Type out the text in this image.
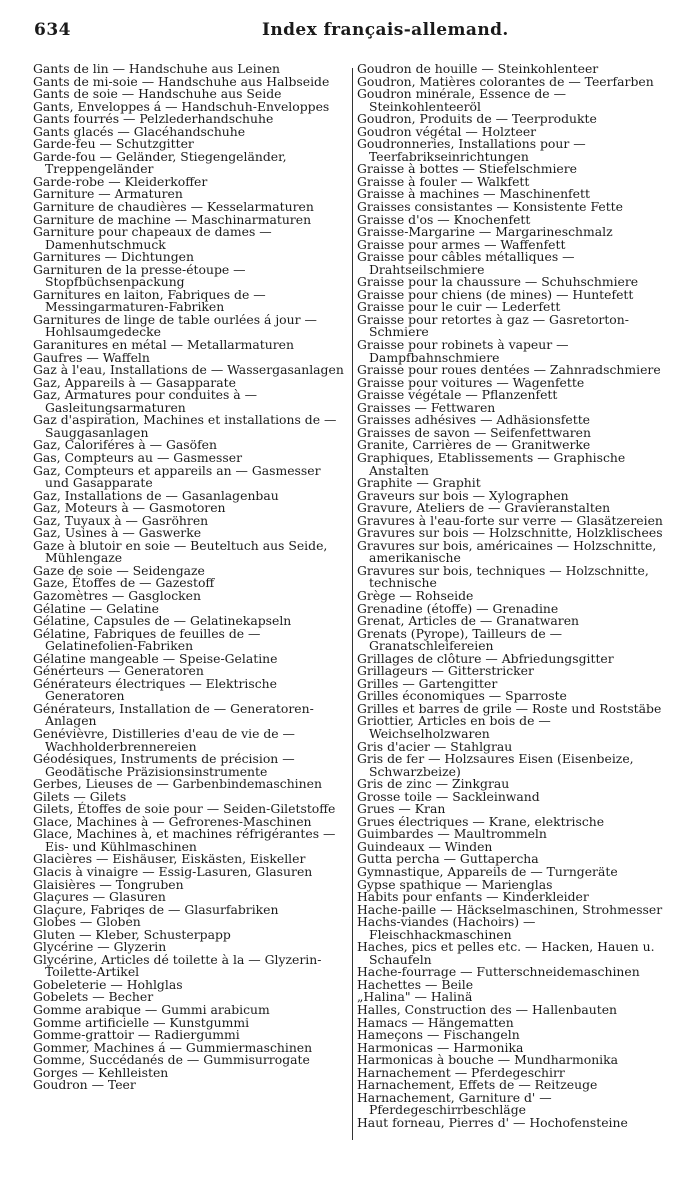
634	Index français-allemand.
Gants de lin — Handschuhe aus Leinen
Gants de mi-soie — Handschuhe aus Halbseide
Gants de soie — Handschuhe aus Seide
Gants, Enveloppes á — Handschuh-Enveloppes
Gants fourrés — Pelzlederhandschuhe
Gants glacés — Glacéhandschuhe
Garde-feu — Schutzgitter
Garde-fou — Geländer, Stiegengeländer, Treppengeländer
Garde-robe — Kleiderkoffer
Garniture — Armaturen
Garniture de chaudières — Kesselarmaturen
Garniture de machine — Maschinarmaturen
Garniture pour chapeaux de dames — Damenhutschmuck
Garnitures — Dichtungen
Garnituren de la presse-étoupe — Stopfbüchsenpackung
Garnitures en laiton, Fabriques de — Messingarmaturen-Fabriken
Garnitures de linge de table ourlées á jour — Hohlsaumgedecke
Garanitures en métal — Metallarmaturen
Gaufres — Waffeln
Gaz à l'eau, Installations de — Wassergasanlagen
Gaz, Appareils à — Gasapparate
Gaz, Armatures pour conduites à — Gasleitungsarmaturen
Gaz d'aspiration, Machines et installations de — Sauggasanlagen
Gaz, Caloriféres à — Gasöfen
Gas, Compteurs au — Gasmesser
Gaz, Compteurs et appareils an — Gasmesser und Gasapparate
Gaz, Installations de — Gasanlagenbau
Gaz, Moteurs à — Gasmotoren
Gaz, Tuyaux à — Gasröhren
Gaz, Usines à — Gaswerke
Gaze à blutoir en soie — Beuteltuch aus Seide, Mühlengaze
Gaze de soie — Seidengaze
Gaze, Étoffes de — Gazestoff
Gazomètres — Gasglocken
Gélatine — Gelatine
Gélatine, Capsules de — Gelatinekapseln
Gélatine, Fabriques de feuilles de — Gelatinefolien-Fabriken
Gélatine mangeable — Speise-Gelatine
Générteurs — Generatoren
Générateurs électriques — Elektrische Generatoren
Générateurs, Installation de — Generatoren-Anlagen
Genévièvre, Distilleries d'eau de vie de — Wachholderbrennereien
Géodésiques, Instruments de précision — Geodätische Präzisionsinstrumente
Gerbes, Lieuses de — Garbenbindemaschinen
Gilets — Gilets
Gilets, Étoffes de soie pour — Seiden-Giletstoffe
Glace, Machines à — Gefrorenes-Maschinen
Glace, Machines à, et machines réfrigérantes — Eis- und Kühlmaschinen
Glacières — Eishäuser, Eiskästen, Eiskeller
Glacis à vinaigre — Essig-Lasuren, Glasuren
Glaisières — Tongruben
Glaçures — Glasuren
Glaçure, Fabriqes de — Glasurfabriken
Globes — Globen
Gluten — Kleber, Schusterpapp
Glycérine — Glyzerin
Glycérine, Articles dé toilette à la — Glyzerin-Toilette-Artikel
Gobeleterie — Hohlglas
Gobelets — Becher
Gomme arabique — Gummi arabicum
Gomme artificielle — Kunstgummi
Gomme-grattoir — Radiergummi
Gommer, Machines á — Gummiermaschinen
Gomme, Succédanés de — Gummisurrogate
Gorges — Kehlleisten
Goudron — Teer
Goudron de houille — Steinkohlenteer
Goudron, Matières colorantes de — Teerfarben
Goudron minérale, Essence de — Steinkohlenteeröl
Goudron, Produits de — Teerprodukte
Goudron végétal — Holzteer
Goudronneries, Installations pour — Teerfabrikseinrichtungen
Graisse à bottes — Stiefelschmiere
Graisse à fouler — Walkfett
Graisse à machines — Maschinenfett
Graisses consistantes — Konsistente Fette
Graisse d'os — Knochenfett
Graisse-Margarine — Margarineschmalz
Graisse pour armes — Waffenfett
Graisse pour câbles métalliques — Drahtseilschmiere
Graisse pour la chaussure — Schuhschmiere
Graisse pour chiens (de mines) — Huntefett
Graisse pour le cuir — Lederfett
Graisse pour retortes à gaz — Gasretorton-Schmiere
Graisse pour robinets à vapeur — Dampfbahnschmiere
Graisse pour roues dentées — Zahnradschmiere
Graisse pour voitures — Wagenfette
Graisse végétale — Pflanzenfett
Graisses — Fettwaren
Graisses adhésives — Adhäsionsfette
Graisses de savon — Seifenfettwaren
Granite, Carrières de — Granitwerke
Graphiques, Etablissements — Graphische Anstalten
Graphite — Graphit
Graveurs sur bois — Xylographen
Gravure, Ateliers de — Gravieranstalten
Gravures à l'eau-forte sur verre — Glasätzereien
Gravures sur bois — Holzschnitte, Holzklischees
Gravures sur bois, américaines — Holzschnitte, amerikanische
Gravures sur bois, techniques — Holzschnitte, technische
Grège — Rohseide
Grenadine (étoffe) — Grenadine
Grenat, Articles de — Granatwaren
Grenats (Pyrope), Tailleurs de — Granatschleifereien
Grillages de clôture — Abfriedungsgitter
Grillageurs — Gitterstricker
Grilles — Gartengitter
Grilles économiques — Sparroste
Grilles et barres de grile — Roste und Roststäbe
Griottier, Articles en bois de — Weichselholzwaren
Gris d'acier — Stahlgrau
Gris de fer — Holzsaures Eisen (Eisenbeize, Schwarzbeize)
Gris de zinc — Zinkgrau
Grosse toile — Sackleinwand
Grues — Kran
Grues électriques — Krane, elektrische
Guimbardes — Maultrommeln
Guindeaux — Winden
Gutta percha — Guttapercha
Gymnastique, Appareils de — Turngeräte
Gypse spathique — Marienglas
Habits pour enfants — Kinderkleider
Hache-paille — Häckselmaschinen, Strohmesser
Hachs-viandes (Hachoirs) — Fleischhackmaschinen
Haches, pics et pelles etc. — Hacken, Hauen u. Schaufeln
Hache-fourrage — Futterschneidemaschinen
Hachettes — Beile
„Halina" — Halinä
Halles, Construction des — Hallenbauten
Hamacs — Hängematten
Hameçons — Fischangeln
Harmonicas — Harmonika
Harmonicas à bouche — Mundharmonika
Harnachement — Pferdegeschirr
Harnachement, Effets de — Reitzeuge
Harnachement, Garniture d' — Pferdegeschirrbeschläge
Haut forneau, Pierres d' — Hochofensteine
